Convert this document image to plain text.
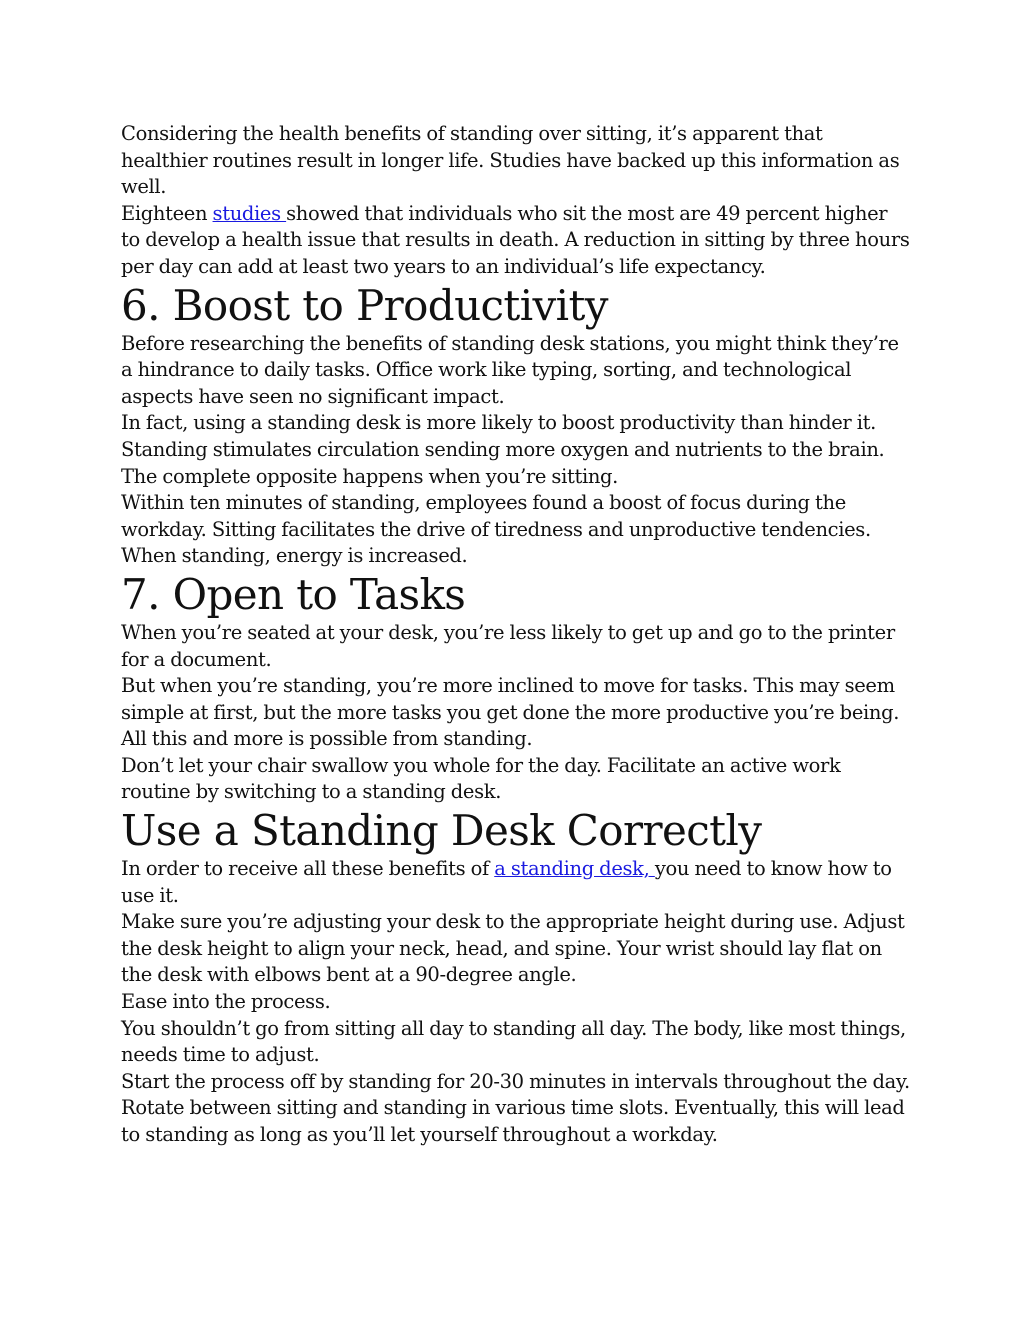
Considering the health benefits of standing over sitting, it’s apparent that healthier routines result in longer life. Studies have backed up this information as well.

Eighteen studies showed that individuals who sit the most are 49 percent higher to develop a health issue that results in death. A reduction in sitting by three hours per day can add at least two years to an individual’s life expectancy.

6. Boost to Productivity

Before researching the benefits of standing desk stations, you might think they’re a hindrance to daily tasks. Office work like typing, sorting, and technological aspects have seen no significant impact.

In fact, using a standing desk is more likely to boost productivity than hinder it. Standing stimulates circulation sending more oxygen and nutrients to the brain. The complete opposite happens when you’re sitting.

Within ten minutes of standing, employees found a boost of focus during the workday. Sitting facilitates the drive of tiredness and unproductive tendencies. When standing, energy is increased.

7. Open to Tasks

When you’re seated at your desk, you’re less likely to get up and go to the printer for a document.

But when you’re standing, you’re more inclined to move for tasks. This may seem simple at first, but the more tasks you get done the more productive you’re being. All this and more is possible from standing.

Don’t let your chair swallow you whole for the day. Facilitate an active work routine by switching to a standing desk.

Use a Standing Desk Correctly

In order to receive all these benefits of a standing desk, you need to know how to use it.

Make sure you’re adjusting your desk to the appropriate height during use. Adjust the desk height to align your neck, head, and spine. Your wrist should lay flat on the desk with elbows bent at a 90-degree angle.

Ease into the process.

You shouldn’t go from sitting all day to standing all day. The body, like most things, needs time to adjust.

Start the process off by standing for 20-30 minutes in intervals throughout the day. Rotate between sitting and standing in various time slots. Eventually, this will lead to standing as long as you’ll let yourself throughout a workday.
